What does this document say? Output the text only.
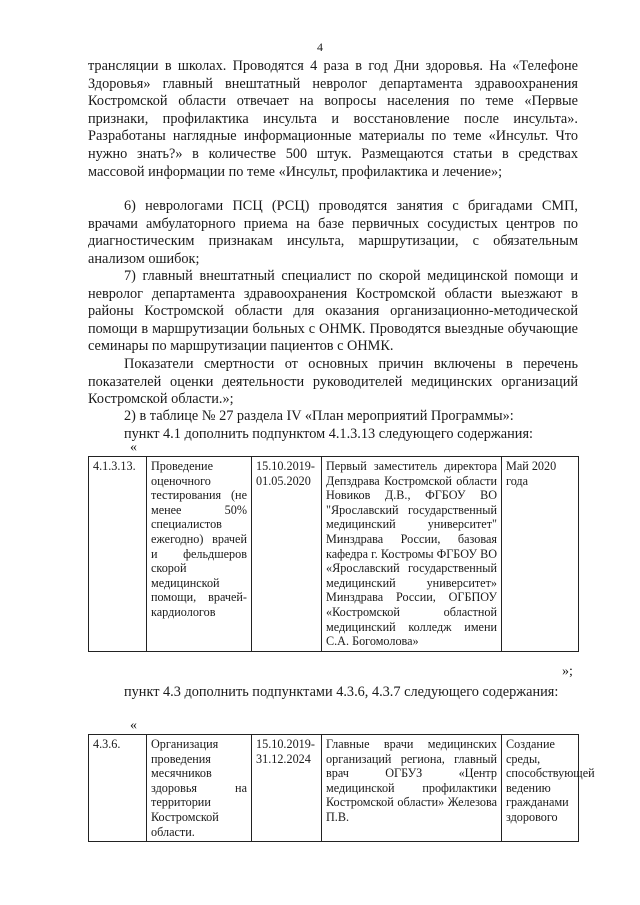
4

трансляции в школах. Проводятся 4 раза в год Дни здоровья. На «Телефоне Здоровья» главный внештатный невролог департамента здравоохранения Костромской области отвечает на вопросы населения по теме «Первые признаки, профилактика инсульта и восстановление после инсульта». Разработаны наглядные информационные материалы по теме «Инсульт. Что нужно знать?» в количестве 500 штук. Размещаются статьи в средствах массовой информации по теме «Инсульт, профилактика и лечение»;

6) неврологами ПСЦ (РСЦ) проводятся занятия с бригадами СМП, врачами амбулаторного приема на базе первичных сосудистых центров по диагностическим признакам инсульта, маршрутизации, с обязательным анализом ошибок;

7) главный внештатный специалист по скорой медицинской помощи и невролог департамента здравоохранения Костромской области выезжают в районы Костромской области для оказания организационно-методической помощи в маршрутизации больных с ОНМК. Проводятся выездные обучающие семинары по маршрутизации пациентов с ОНМК.

Показатели смертности от основных причин включены в перечень показателей оценки деятельности руководителей медицинских организаций Костромской области.»;

2) в таблице № 27 раздела IV «План мероприятий Программы»:

пункт 4.1 дополнить подпунктом 4.1.3.13 следующего содержания:

«
4.1.3.13.	Проведение оценочного тестирования (не менее 50% специалистов ежегодно) врачей и фельдшеров скорой медицинской помощи, врачей-кардиологов	15.10.2019-01.05.2020	Первый заместитель директора Депздрава Костромской области Новиков Д.В., ФГБОУ ВО "Ярославский государственный медицинский университет" Минздрава России, базовая кафедра г. Костромы ФГБОУ ВО «Ярославский государственный медицинский университет» Минздрава России, ОГБПОУ «Костромской областной медицинский колледж имени С.А. Богомолова»	Май 2020 года
»;

пункт 4.3 дополнить подпунктами 4.3.6, 4.3.7 следующего содержания:

«
4.3.6.	Организация проведения месячников здоровья на территории Костромской области.	15.10.2019-31.12.2024	Главные врачи медицинских организаций региона, главный врач ОГБУЗ «Центр медицинской профилактики Костромской области» Железова П.В.	Создание среды, способствующей ведению гражданами здорового
